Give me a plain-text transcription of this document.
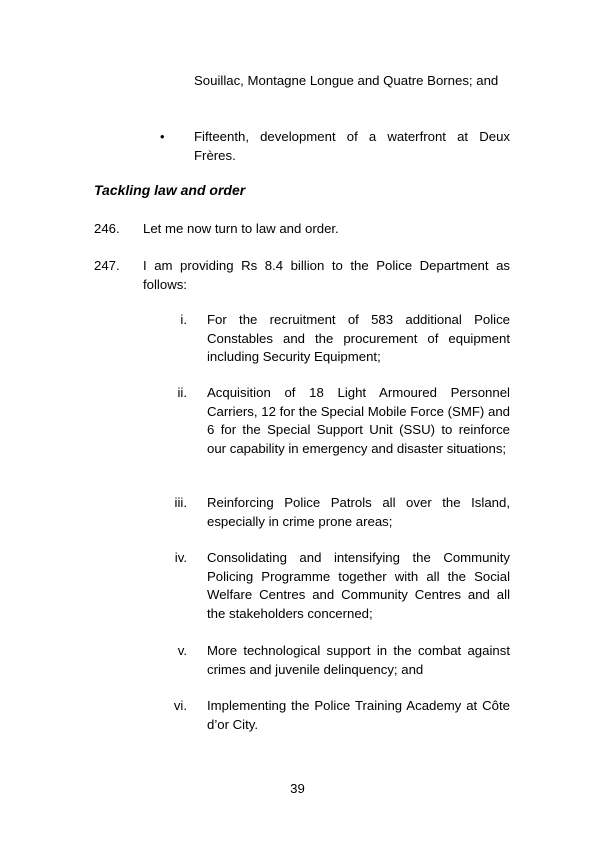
Souillac, Montagne Longue and Quatre Bornes; and
• Fifteenth, development of a waterfront at Deux Frères.
Tackling law and order
246. Let me now turn to law and order.
247. I am providing Rs 8.4 billion to the Police Department as follows:
i. For the recruitment of 583 additional Police Constables and the procurement of equipment including Security Equipment;
ii. Acquisition of 18 Light Armoured Personnel Carriers, 12 for the Special Mobile Force (SMF) and 6 for the Special Support Unit (SSU) to reinforce our capability in emergency and disaster situations;
iii. Reinforcing Police Patrols all over the Island, especially in crime prone areas;
iv. Consolidating and intensifying the Community Policing Programme together with all the Social Welfare Centres and Community Centres and all the stakeholders concerned;
v. More technological support in the combat against crimes and juvenile delinquency; and
vi. Implementing the Police Training Academy at Côte d’or City.
39
